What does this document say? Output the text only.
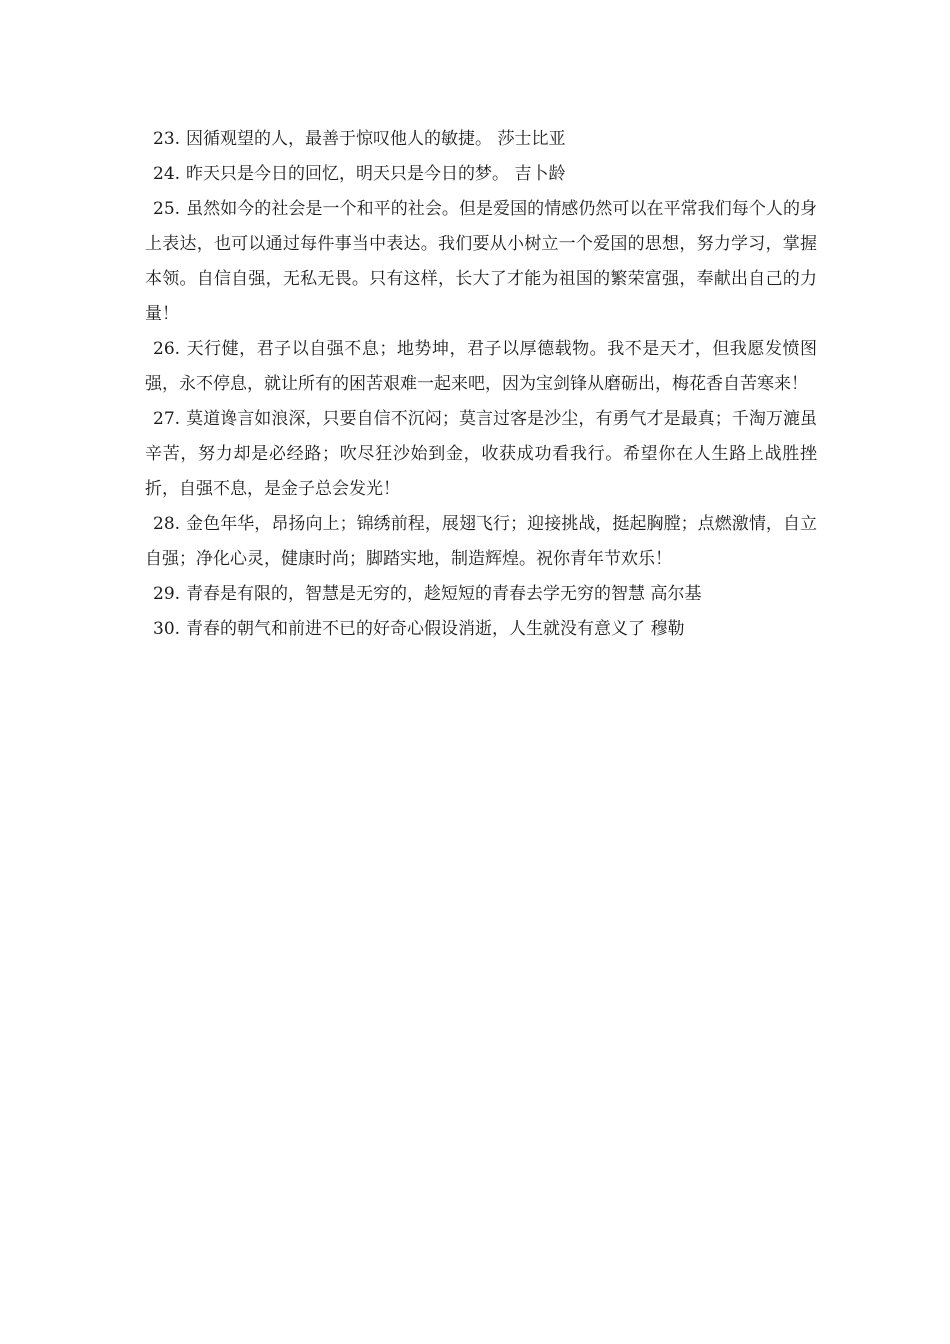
23. 因循观望的人，最善于惊叹他人的敏捷。 莎士比亚
24. 昨天只是今日的回忆，明天只是今日的梦。 吉卜龄
25. 虽然如今的社会是一个和平的社会。但是爱国的情感仍然可以在平常我们每个人的身上表达，也可以通过每件事当中表达。我们要从小树立一个爱国的思想，努力学习，掌握本领。自信自强，无私无畏。只有这样，长大了才能为祖国的繁荣富强，奉献出自己的力量！
26. 天行健，君子以自强不息；地势坤，君子以厚德载物。我不是天才，但我愿发愤图强，永不停息，就让所有的困苦艰难一起来吧，因为宝剑锋从磨砺出，梅花香自苦寒来！
27. 莫道谗言如浪深，只要自信不沉闷；莫言过客是沙尘，有勇气才是最真；千淘万漉虽辛苦，努力却是必经路；吹尽狂沙始到金，收获成功看我行。希望你在人生路上战胜挫折，自强不息，是金子总会发光！
28. 金色年华，昂扬向上；锦绣前程，展翅飞行；迎接挑战，挺起胸膛；点燃激情，自立自强；净化心灵，健康时尚；脚踏实地，制造辉煌。祝你青年节欢乐！
29. 青春是有限的，智慧是无穷的，趁短短的青春去学无穷的智慧 高尔基
30. 青春的朝气和前进不已的好奇心假设消逝，人生就没有意义了 穆勒
